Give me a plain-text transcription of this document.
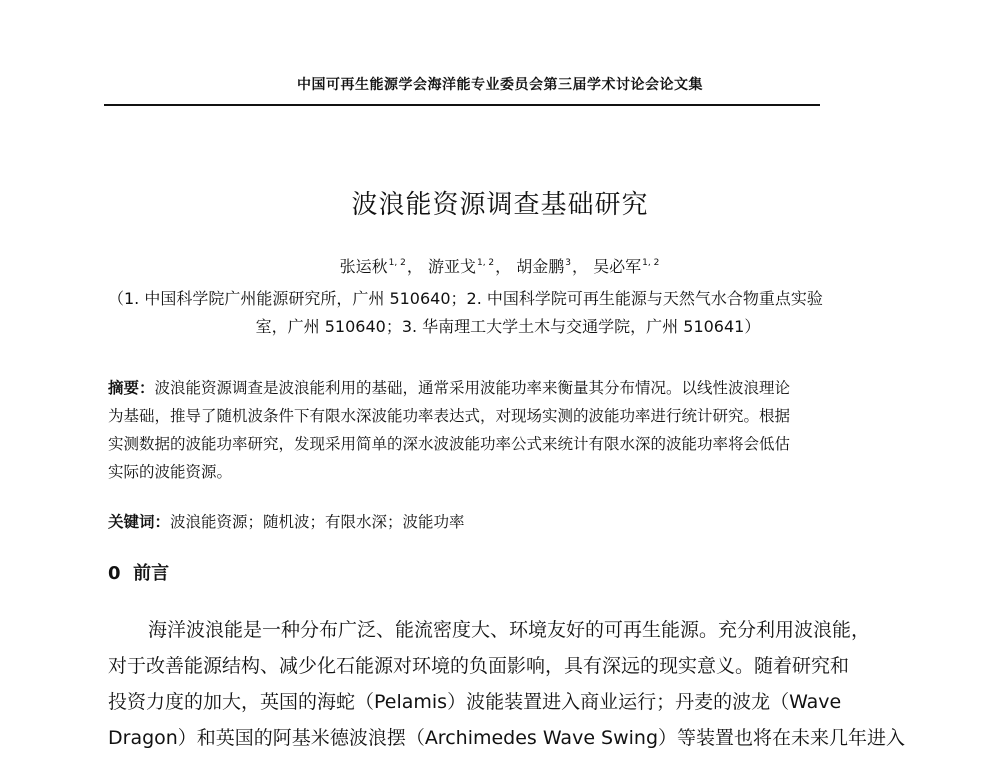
中国可再生能源学会海洋能专业委员会第三届学术讨论会论文集
波浪能资源调查基础研究
张运秋$^{1, 2}$， 游亚戈$^{1, 2}$， 胡金鹏$^3$， 吴必军$^{1, 2}$
（1. 中国科学院广州能源研究所，广州 510640；2. 中国科学院可再生能源与天然气水合物重点实验
室，广州 510640；3. 华南理工大学土木与交通学院，广州 510641）
摘要：波浪能资源调查是波浪能利用的基础，通常采用波能功率来衡量其分布情况。以线性波浪理论
为基础，推导了随机波条件下有限水深波能功率表达式，对现场实测的波能功率进行统计研究。根据
实测数据的波能功率研究，发现采用简单的深水波波能功率公式来统计有限水深的波能功率将会低估
实际的波能资源。
关键词：波浪能资源；随机波；有限水深；波能功率
0 前言
海洋波浪能是一种分布广泛、能流密度大、环境友好的可再生能源。充分利用波浪能，
对于改善能源结构、减少化石能源对环境的负面影响，具有深远的现实意义。随着研究和
投资力度的加大，英国的海蛇（Pelamis）波能装置进入商业运行；丹麦的波龙（Wave
Dragon）和英国的阿基米德波浪摆（Archimedes Wave Swing）等装置也将在未来几年进入
